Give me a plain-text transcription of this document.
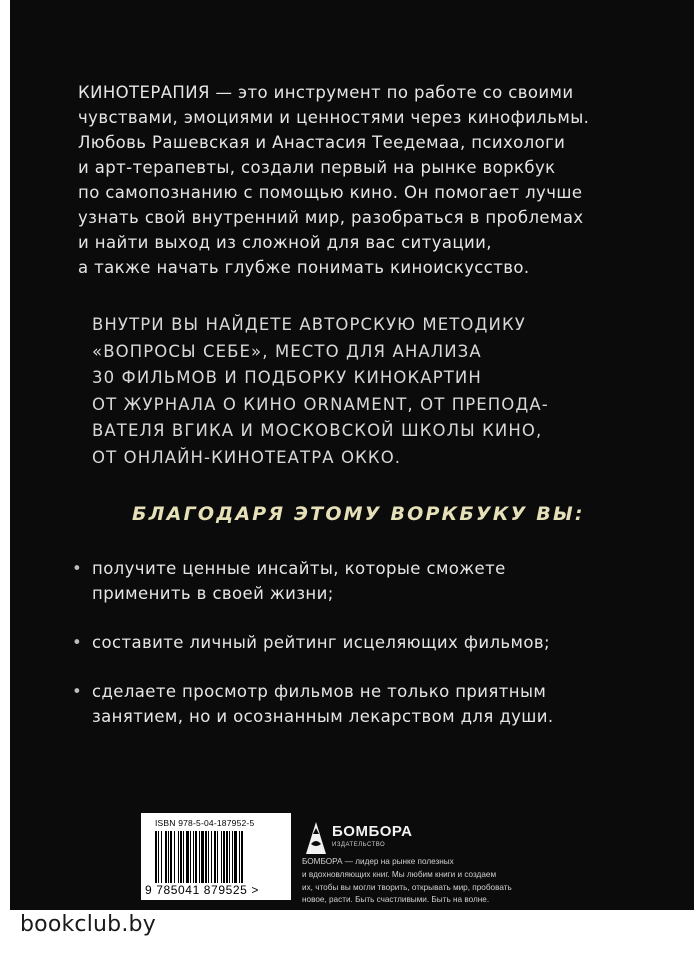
КИНОТЕРАПИЯ — это инструмент по работе со своими
чувствами, эмоциями и ценностями через кинофильмы.
Любовь Рашевская и Анастасия Теедемаа, психологи
и арт-терапевты, создали первый на рынке воркбук
по самопознанию с помощью кино. Он помогает лучше
узнать свой внутренний мир, разобраться в проблемах
и найти выход из сложной для вас ситуации,
а также начать глубже понимать киноискусство.
ВНУТРИ ВЫ НАЙДЕТЕ АВТОРСКУЮ МЕТОДИКУ
«ВОПРОСЫ СЕБЕ», МЕСТО ДЛЯ АНАЛИЗА
30 ФИЛЬМОВ И ПОДБОРКУ КИНОКАРТИН
ОТ ЖУРНАЛА О КИНО ORNAMENT, ОТ ПРЕПОДА-
ВАТЕЛЯ ВГИКА И МОСКОВСКОЙ ШКОЛЫ КИНО,
ОТ ОНЛАЙН-КИНОТЕАТРА ОККО.
БЛАГОДАРЯ ЭТОМУ ВОРКБУКУ ВЫ:
• получите ценные инсайты, которые сможете
применить в своей жизни;
• составите личный рейтинг исцеляющих фильмов;
• сделаете просмотр фильмов не только приятным
занятием, но и осознанным лекарством для души.
ISBN 978-5-04-187952-5
9 785041 879525 >
БОМБОРА
ИЗДАТЕЛЬСТВО
БОМБОРА — лидер на рынке полезных
и вдохновляющих книг. Мы любим книги и создаем
их, чтобы вы могли творить, открывать мир, пробовать
новое, расти. Быть счастливыми. Быть на волне.
bookclub.by
